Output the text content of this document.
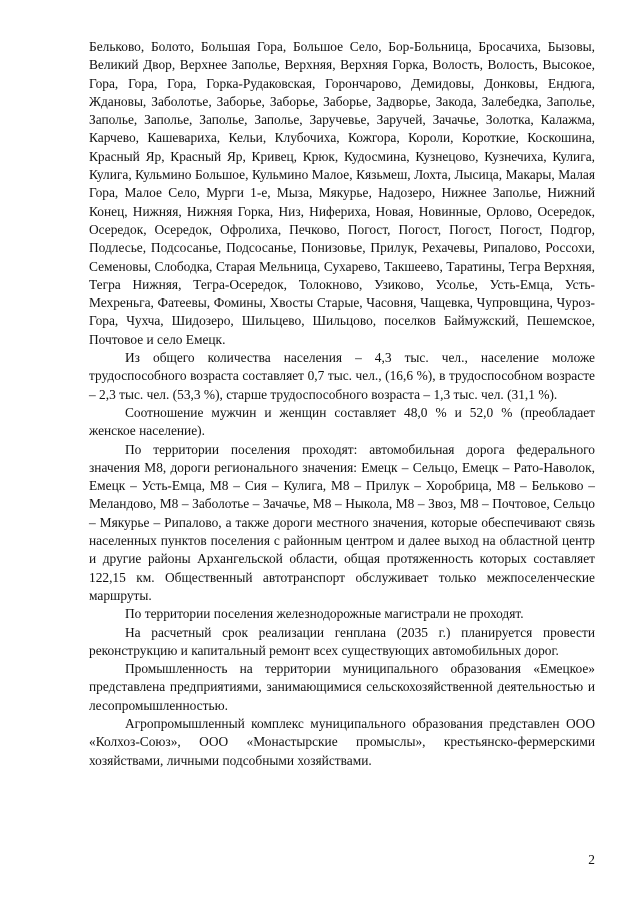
Бельково, Болото, Большая Гора, Большое Село, Бор-Больница, Бросачиха, Бызовы, Великий Двор, Верхнее Заполье, Верхняя, Верхняя Горка, Волость, Волость, Высокое, Гора, Гора, Гора, Горка-Рудаковская, Горончарово, Демидовы, Донковы, Ендюга, Ждановы, Заболотье, Заборье, Заборье, Заборье, Задворье, Закода, Залебедка, Заполье, Заполье, Заполье, Заполье, Заполье, Заручевье, Заручей, Зачачье, Золотка, Калажма, Карчево, Кашевариха, Кельи, Клубочиха, Кожгора, Короли, Короткие, Коскошина, Красный Яр, Красный Яр, Кривец, Крюк, Кудосмина, Кузнецово, Кузнечиха, Кулига, Кулига, Кульмино Большое, Кульмино Малое, Кязьмеш, Лохта, Лысица, Макары, Малая Гора, Малое Село, Мурги 1-е, Мыза, Мякурье, Надозеро, Нижнее Заполье, Нижний Конец, Нижняя, Нижняя Горка, Низ, Нифериха, Новая, Новинные, Орлово, Осередок, Осередок, Осередок, Офролиха, Печково, Погост, Погост, Погост, Погост, Подгор, Подлесье, Подсосанье, Подсосанье, Понизовье, Прилук, Рехачевы, Рипалово, Россохи, Семеновы, Слободка, Старая Мельница, Сухарево, Такшеево, Таратины, Тегра Верхняя, Тегра Нижняя, Тегра-Осередок, Толокново, Узиково, Усолье, Усть-Емца, Усть-Мехреньга, Фатеевы, Фомины, Хвосты Старые, Часовня, Чащевка, Чупровщина, Чуроз-Гора, Чухча, Шидозеро, Шильцево, Шильцово, поселков Баймужский, Пешемское, Почтовое и село Емецк.

Из общего количества населения – 4,3 тыс. чел., население моложе трудоспособного возраста составляет 0,7 тыс. чел., (16,6 %), в трудоспособном возрасте – 2,3 тыс. чел. (53,3 %), старше трудоспособного возраста – 1,3 тыс. чел. (31,1 %).

Соотношение мужчин и женщин составляет 48,0 % и 52,0 % (преобладает женское население).

По территории поселения проходят: автомобильная дорога федерального значения М8, дороги регионального значения: Емецк – Сельцо, Емецк – Рато-Наволок, Емецк – Усть-Емца, М8 – Сия – Кулига, М8 – Прилук – Хоробрица, М8 – Бельково – Меландово, М8 – Заболотье – Зачачье, М8 – Ныкола, М8 – Звоз, М8 – Почтовое, Сельцо – Мякурье – Рипалово, а также дороги местного значения, которые обеспечивают связь населенных пунктов поселения с районным центром и далее выход на областной центр и другие районы Архангельской области, общая протяженность которых составляет 122,15 км. Общественный автотранспорт обслуживает только межпоселенческие маршруты.

По территории поселения железнодорожные магистрали не проходят.

На расчетный срок реализации генплана (2035 г.) планируется провести реконструкцию и капитальный ремонт всех существующих автомобильных дорог.

Промышленность на территории муниципального образования «Емецкое» представлена предприятиями, занимающимися сельскохозяйственной деятельностью и лесопромышленностью.

Агропромышленный комплекс муниципального образования представлен ООО «Колхоз-Союз», ООО «Монастырские промыслы», крестьянско-фермерскими хозяйствами, личными подсобными хозяйствами.

2
